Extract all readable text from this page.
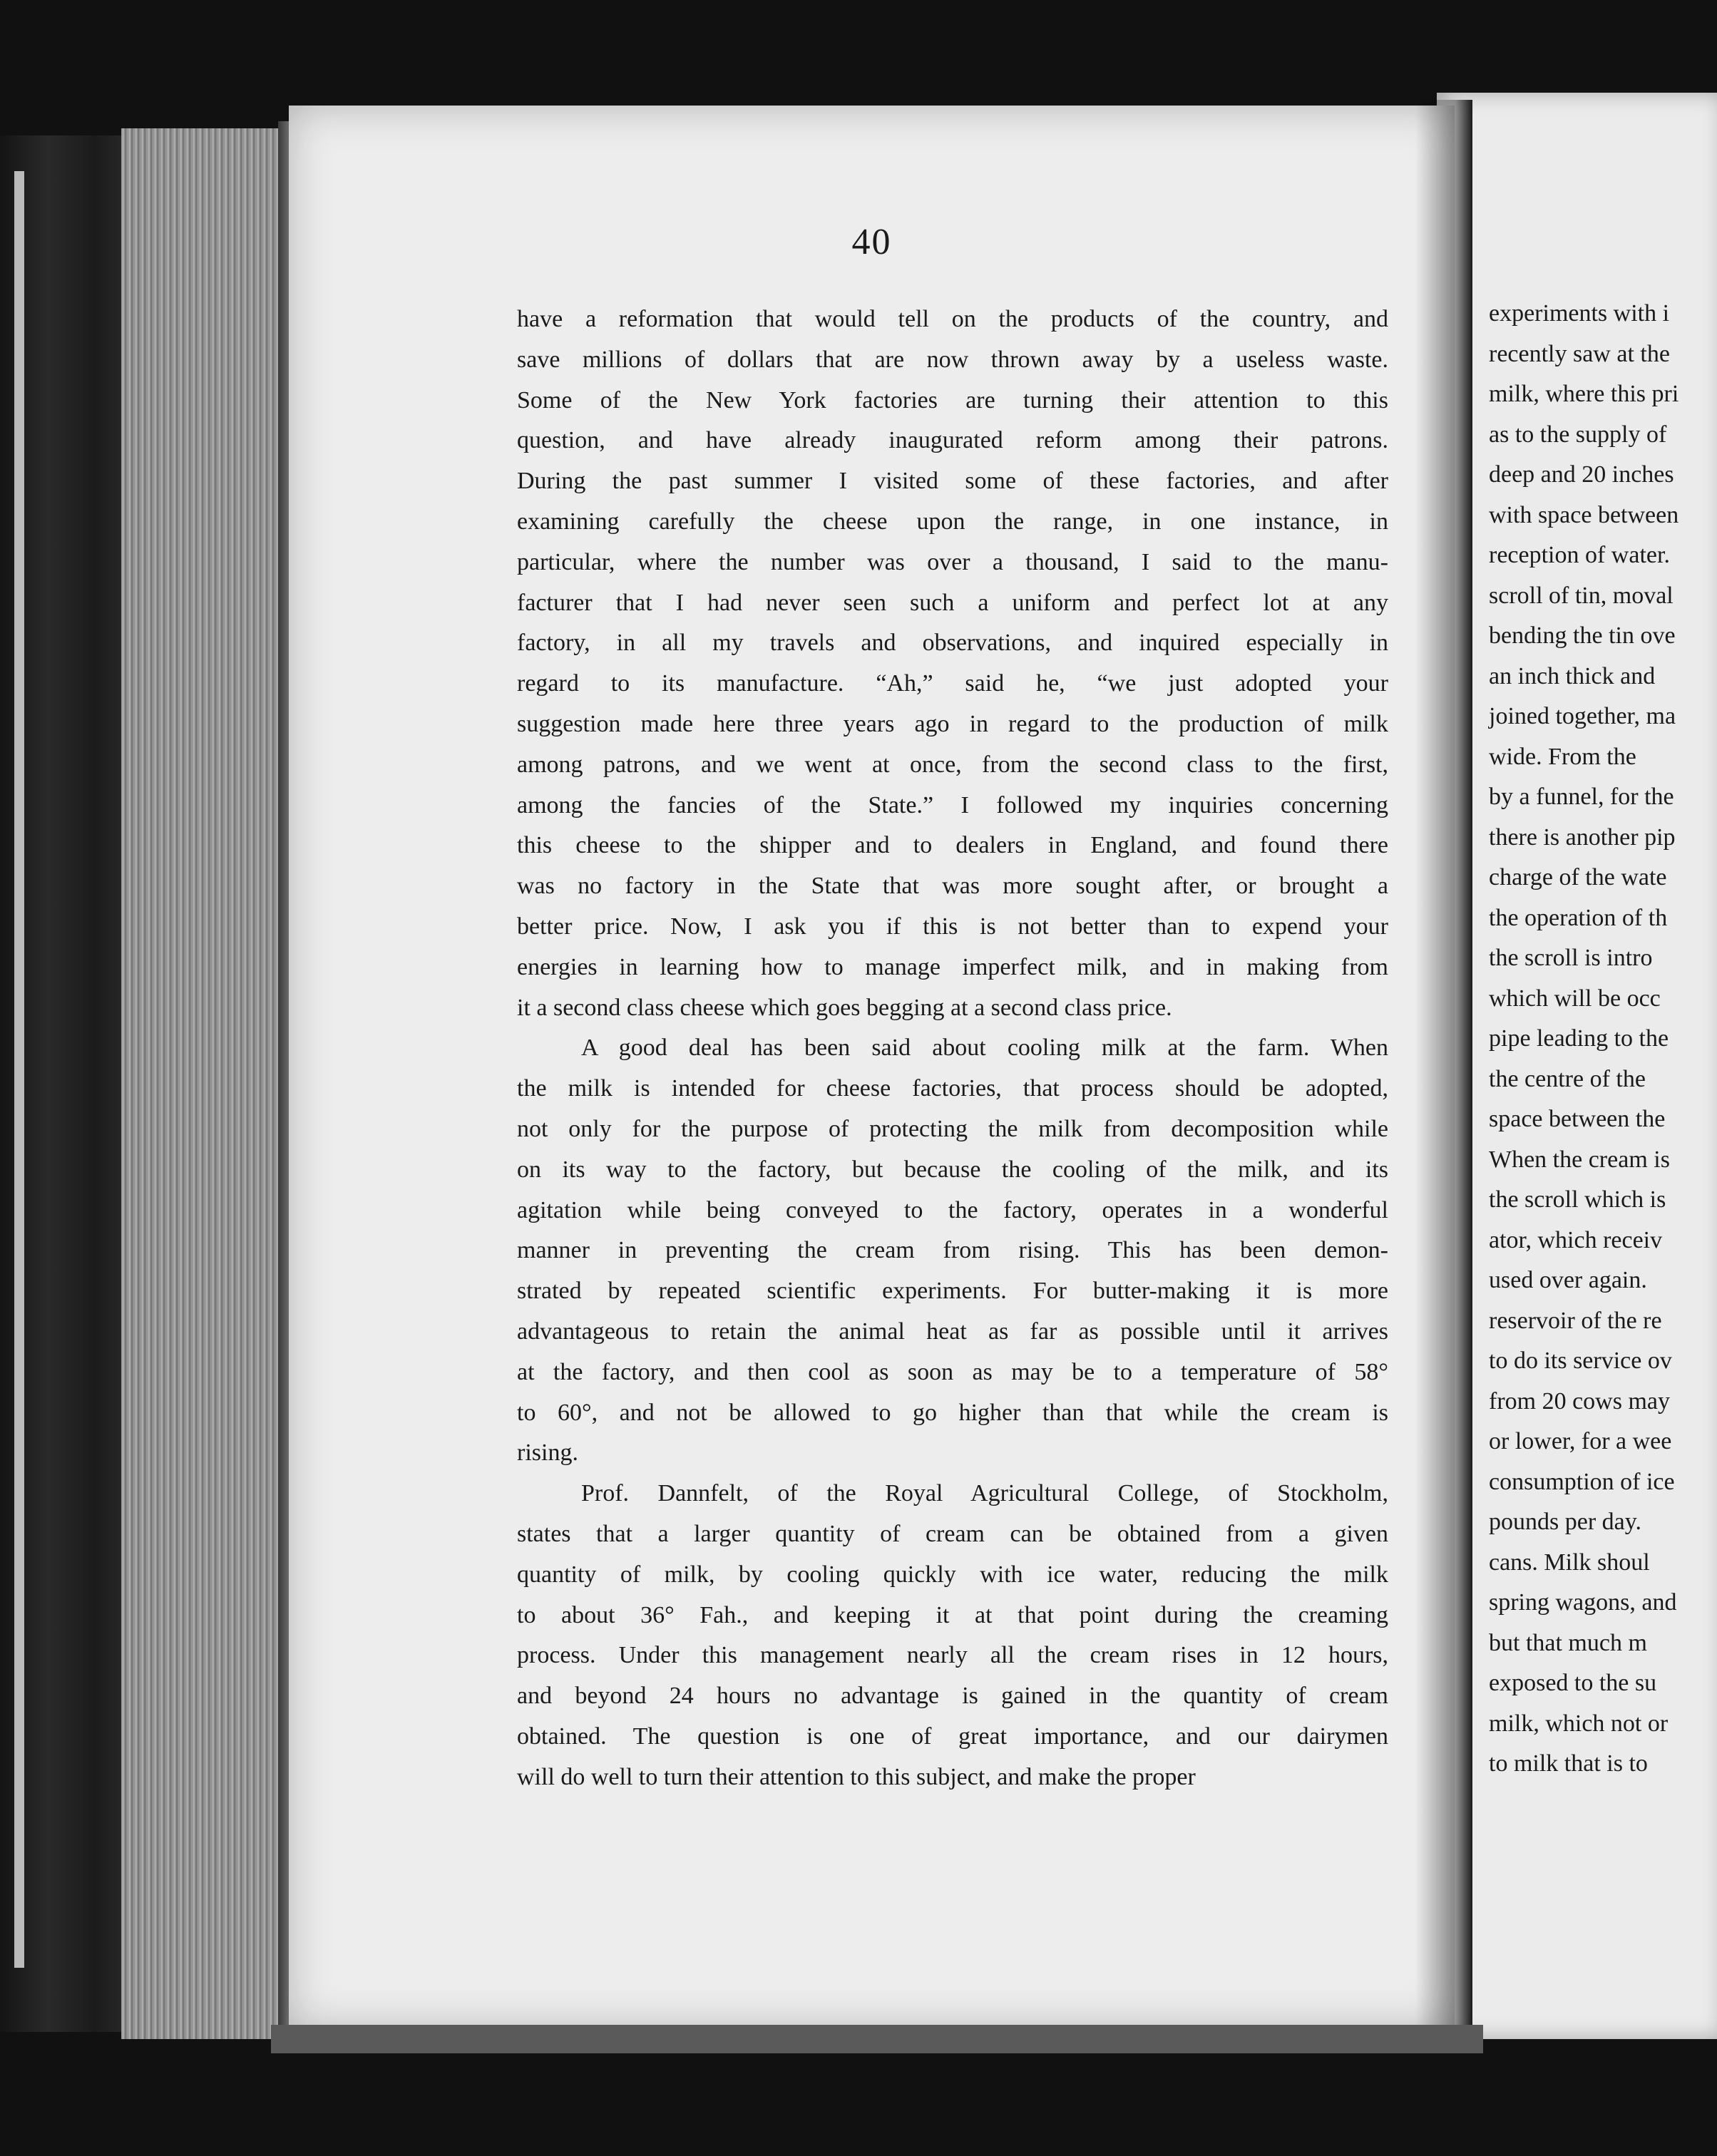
experiments with i
recently saw at the
milk, where this pri
as to the supply of
deep and 20 inches
with space between
reception of water.
scroll of tin, moval
bending the tin ove
an inch thick and
joined together, ma
wide. From the
by a funnel, for the
there is another pip
charge of the wate
the operation of th
the scroll is intro
which will be occ
pipe leading to the
the centre of the
space between the
When the cream is
the scroll which is
ator, which receiv
used over again.
reservoir of the re
to do its service ov
from 20 cows may
or lower, for a wee
consumption of ice
pounds per day.
cans. Milk shoul
spring wagons, and
but that much m
exposed to the su
milk, which not or
to milk that is to
40

have a reformation that would tell on the products of the country, and
save millions of dollars that are now thrown away by a useless waste.
Some of the New York factories are turning their attention to this
question, and have already inaugurated reform among their patrons.
During the past summer I visited some of these factories, and after
examining carefully the cheese upon the range, in one instance, in
particular, where the number was over a thousand, I said to the manu-
facturer that I had never seen such a uniform and perfect lot at any
factory, in all my travels and observations, and inquired especially in
regard to its manufacture. “Ah,” said he, “we just adopted your
suggestion made here three years ago in regard to the production of milk
among patrons, and we went at once, from the second class to the first,
among the fancies of the State.” I followed my inquiries concerning
this cheese to the shipper and to dealers in England, and found there
was no factory in the State that was more sought after, or brought a
better price. Now, I ask you if this is not better than to expend your
energies in learning how to manage imperfect milk, and in making from
it a second class cheese which goes begging at a second class price.

A good deal has been said about cooling milk at the farm. When
the milk is intended for cheese factories, that process should be adopted,
not only for the purpose of protecting the milk from decomposition while
on its way to the factory, but because the cooling of the milk, and its
agitation while being conveyed to the factory, operates in a wonderful
manner in preventing the cream from rising. This has been demon-
strated by repeated scientific experiments. For butter-making it is more
advantageous to retain the animal heat as far as possible until it arrives
at the factory, and then cool as soon as may be to a temperature of 58°
to 60°, and not be allowed to go higher than that while the cream is
rising.

Prof. Dannfelt, of the Royal Agricultural College, of Stockholm,
states that a larger quantity of cream can be obtained from a given
quantity of milk, by cooling quickly with ice water, reducing the milk
to about 36° Fah., and keeping it at that point during the creaming
process. Under this management nearly all the cream rises in 12 hours,
and beyond 24 hours no advantage is gained in the quantity of cream
obtained. The question is one of great importance, and our dairymen
will do well to turn their attention to this subject, and make the proper
